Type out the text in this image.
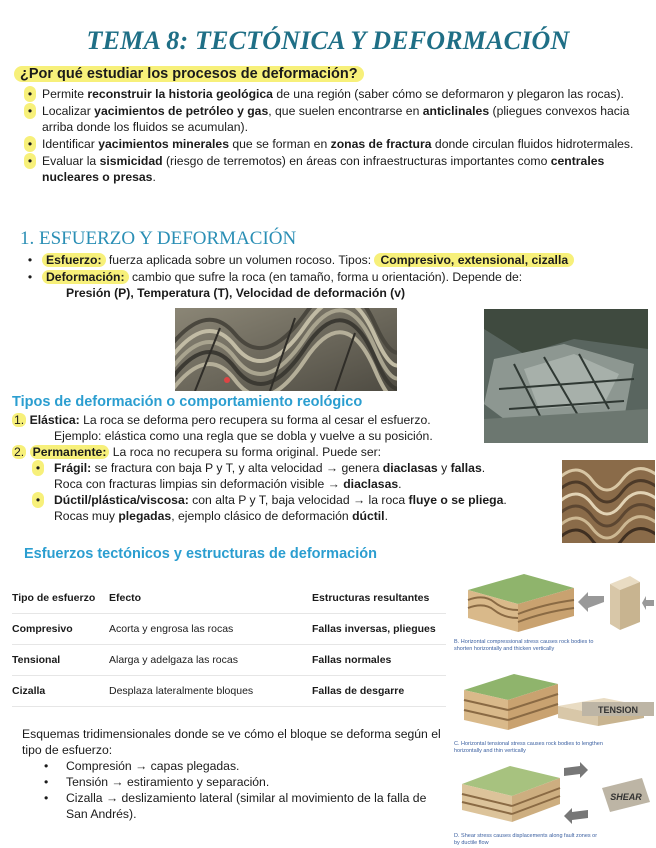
TEMA 8: TECTÓNICA Y DEFORMACIÓN
¿Por qué estudiar los procesos de deformación?
• Permite reconstruir la historia geológica de una región (saber cómo se deformaron y plegaron las rocas).
• Localizar yacimientos de petróleo y gas, que suelen encontrarse en anticlinales (pliegues convexos hacia arriba donde los fluidos se acumulan).
• Identificar yacimientos minerales que se forman en zonas de fractura donde circulan fluidos hidrotermales.
• Evaluar la sismicidad (riesgo de terremotos) en áreas con infraestructuras importantes como centrales nucleares o presas.
1. ESFUERZO Y DEFORMACIÓN
•	Esfuerzo: fuerza aplicada sobre un volumen rocoso. Tipos: Compresivo, extensional, cizalla
•	Deformación: cambio que sufre la roca (en tamaño, forma u orientación). Depende de:
Presión (P), Temperatura (T), Velocidad de deformación (v)
Tipos de deformación o comportamiento reológico
1. Elástica: La roca se deforma pero recupera su forma al cesar el esfuerzo.
Ejemplo: elástica como una regla que se dobla y vuelve a su posición.
2. Permanente: La roca no recupera su forma original. Puede ser:
•	Frágil: se fractura con baja P y T, y alta velocidad → genera diaclasas y fallas.
Roca con fracturas limpias sin deformación visible → diaclasas.
•	Dúctil/plástica/viscosa: con alta P y T, baja velocidad → la roca fluye o se pliega.
Rocas muy plegadas, ejemplo clásico de deformación dúctil.
Esfuerzos tectónicos y estructuras de deformación
Tipo de esfuerzo	Efecto	Estructuras resultantes
Compresivo	Acorta y engrosa las rocas	Fallas inversas, pliegues
Tensional	Alarga y adelgaza las rocas	Fallas normales
Cizalla	Desplaza lateralmente bloques	Fallas de desgarre
Esquemas tridimensionales donde se ve cómo el bloque se deforma según el tipo de esfuerzo:
• Compresión → capas plegadas.
• Tensión → estiramiento y separación.
• Cizalla → deslizamiento lateral (similar al movimiento de la falla de San Andrés).
B. Horizontal compressional stress causes rock bodies to shorten horizontally and thicken vertically
TENSION
C. Horizontal tensional stress causes rock bodies to lengthen horizontally and thin vertically
SHEAR
D. Shear stress causes displacements along fault zones or by ductile flow
